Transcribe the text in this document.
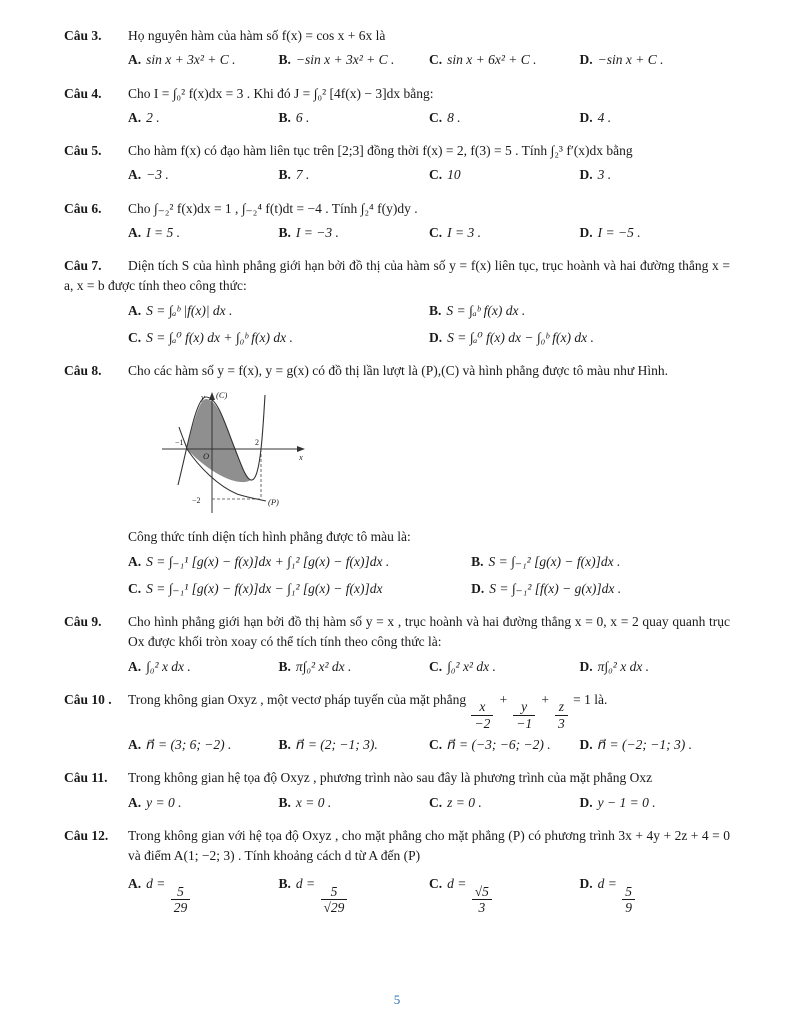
Câu 3. Họ nguyên hàm của hàm số f(x) = cos x + 6x là

A. sin x + 3x² + C .	B. −sin x + 3x² + C .	C. sin x + 6x² + C .	D. −sin x + C .

Câu 4. Cho I = ∫₀² f(x)dx = 3 . Khi đó J = ∫₀² [4f(x) − 3]dx bằng:

A. 2 .	B. 6 .	C. 8 .	D. 4 .

Câu 5. Cho hàm f(x) có đạo hàm liên tục trên [2;3] đồng thời f(x) = 2, f(3) = 5 . Tính ∫₂³ f′(x)dx bằng

A. −3 .	B. 7 .	C. 10	D. 3 .

Câu 6. Cho ∫₋₂² f(x)dx = 1 , ∫₋₂⁴ f(t)dt = −4 . Tính ∫₂⁴ f(y)dy .

A. I = 5 .	B. I = −3 .	C. I = 3 .	D. I = −5 .

Câu 7. Diện tích S của hình phẳng giới hạn bởi đồ thị của hàm số y = f(x) liên tục, trục hoành và hai đường thẳng x = a, x = b được tính theo công thức:

A. S = ∫ₐᵇ |f(x)| dx .	B. S = ∫ₐᵇ f(x) dx .
C. S = ∫ₐ⁰ f(x) dx + ∫₀ᵇ f(x) dx .	D. S = ∫ₐ⁰ f(x) dx − ∫₀ᵇ f(x) dx .

Câu 8. Cho các hàm số y = f(x), y = g(x) có đồ thị lần lượt là (P),(C) và hình phẳng được tô màu như Hình.

(C)
(P)
O	x
y
−1	2
−2

Công thức tính diện tích hình phẳng được tô màu là:

A. S = ∫₋₁¹ [g(x) − f(x)]dx + ∫₁² [g(x) − f(x)]dx .	B. S = ∫₋₁² [g(x) − f(x)]dx .
C. S = ∫₋₁¹ [g(x) − f(x)]dx − ∫₁² [g(x) − f(x)]dx	D. S = ∫₋₁² [f(x) − g(x)]dx .

Câu 9. Cho hình phẳng giới hạn bởi đồ thị hàm số y = x , trục hoành và hai đường thẳng x = 0, x = 2 quay quanh trục Ox được khối tròn xoay có thể tích tính theo công thức là:

A. ∫₀² x dx .	B. π∫₀² x² dx .	C. ∫₀² x² dx .	D. π∫₀² x dx .

Câu 10 . Trong không gian Oxyz , một vectơ pháp tuyến của mặt phẳng $\frac{x}{-2} + \frac{y}{-1} + \frac{z}{3} = 1$ là.

A. n⃗ = (3; 6; −2) .	B. n⃗ = (2; −1; 3).	C. n⃗ = (−3; −6; −2) .	D. n⃗ = (−2; −1; 3) .

Câu 11. Trong không gian hệ tọa độ Oxyz , phương trình nào sau đây là phương trình của mặt phẳng Oxz

A. y = 0 .	B. x = 0 .	C. z = 0 .	D. y − 1 = 0 .

Câu 12. Trong không gian với hệ tọa độ Oxyz , cho mặt phẳng cho mặt phẳng (P) có phương trình 3x + 4y + 2z + 4 = 0 và điểm A(1; −2; 3) . Tính khoảng cách d từ A đến (P)

A. $d = \frac{5}{29}$	B. $d = \frac{5}{√29}$	C. $d = \frac{√5}{3}$	D. $d = \frac{5}{9}$
5
